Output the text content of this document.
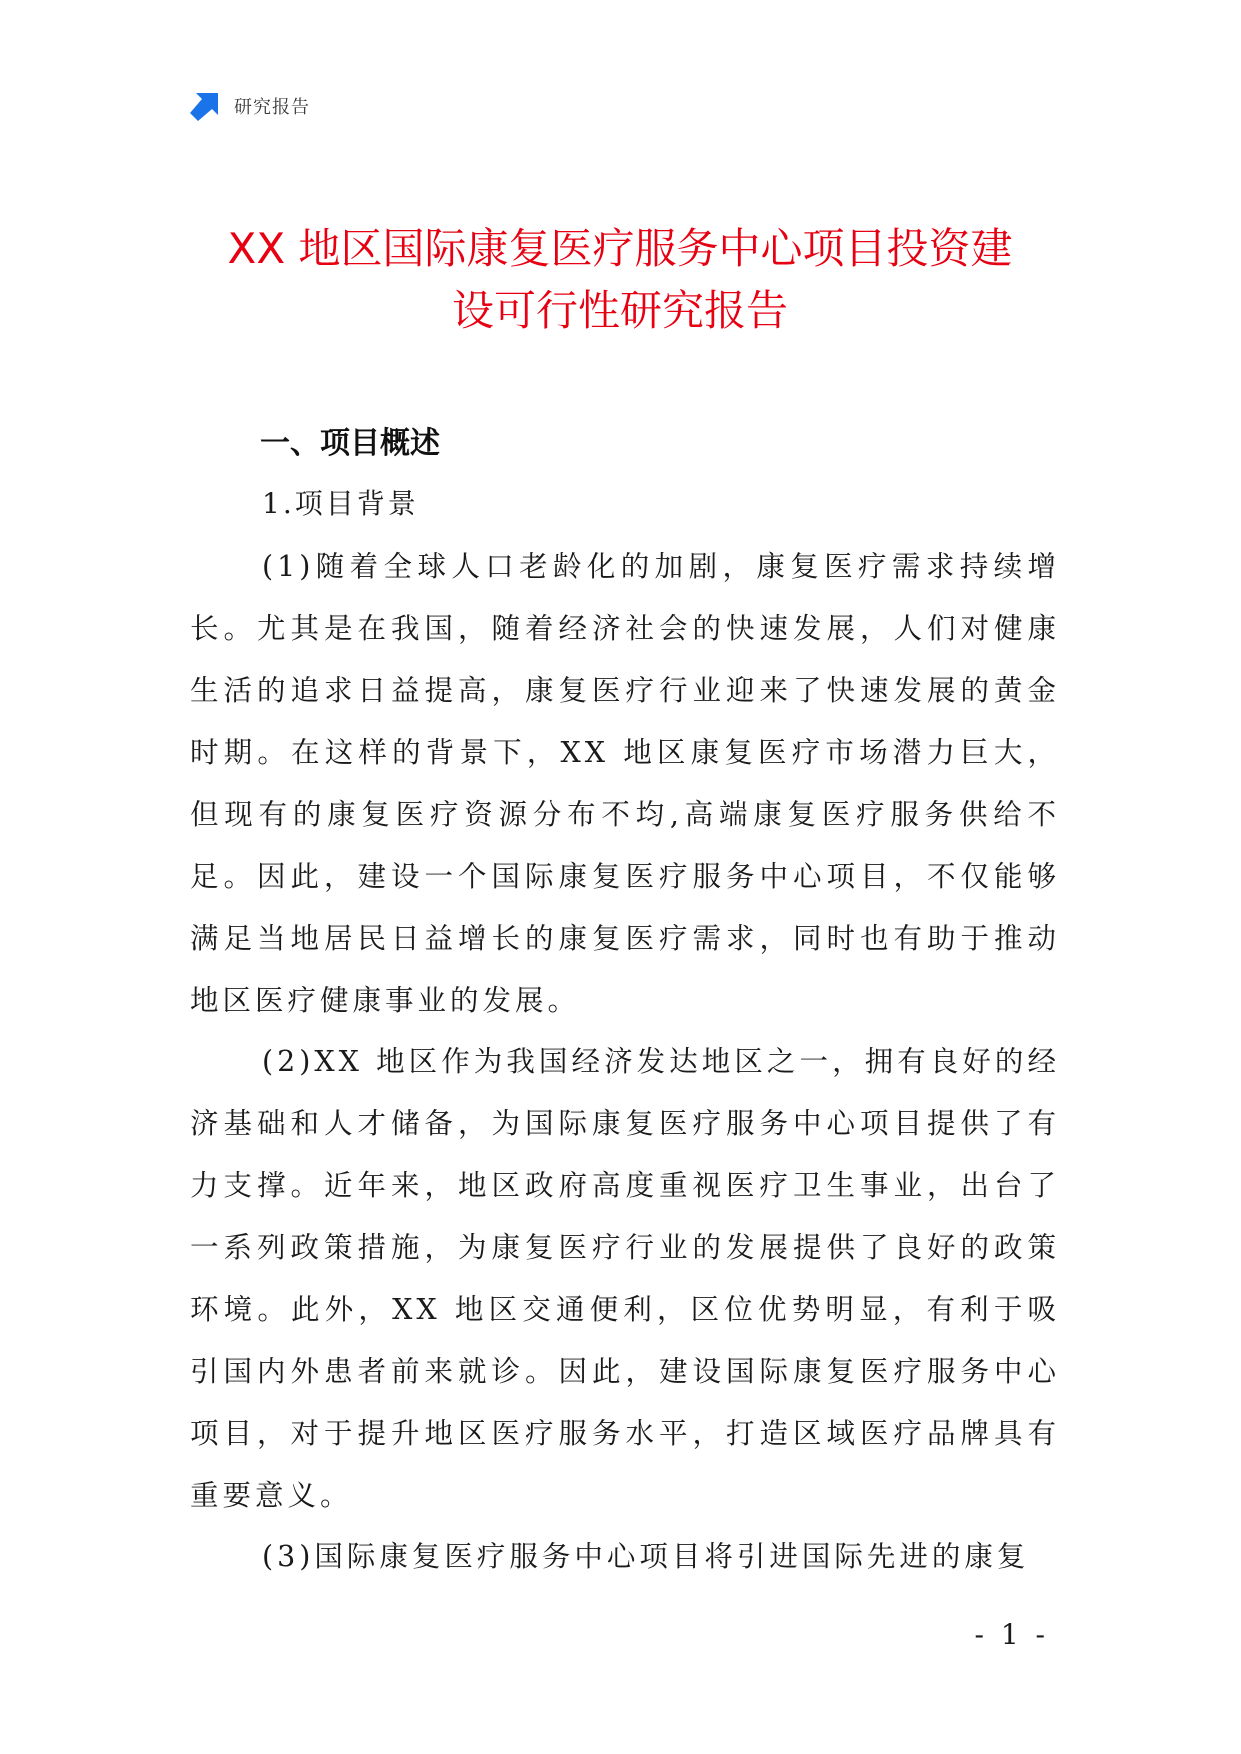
研究报告
XX 地区国际康复医疗服务中心项目投资建
设可行性研究报告
一、项目概述
1.项目背景

(1)随着全球人口老龄化的加剧，康复医疗需求持续增长。尤其是在我国，随着经济社会的快速发展，人们对健康生活的追求日益提高，康复医疗行业迎来了快速发展的黄金时期。在这样的背景下，XX 地区康复医疗市场潜力巨大，但现有的康复医疗资源分布不均,高端康复医疗服务供给不足。因此，建设一个国际康复医疗服务中心项目，不仅能够满足当地居民日益增长的康复医疗需求，同时也有助于推动地区医疗健康事业的发展。

(2)XX 地区作为我国经济发达地区之一，拥有良好的经济基础和人才储备，为国际康复医疗服务中心项目提供了有力支撑。近年来，地区政府高度重视医疗卫生事业，出台了一系列政策措施，为康复医疗行业的发展提供了良好的政策环境。此外，XX 地区交通便利，区位优势明显，有利于吸引国内外患者前来就诊。因此，建设国际康复医疗服务中心项目，对于提升地区医疗服务水平，打造区域医疗品牌具有重要意义。

(3)国际康复医疗服务中心项目将引进国际先进的康复

- 1 -
